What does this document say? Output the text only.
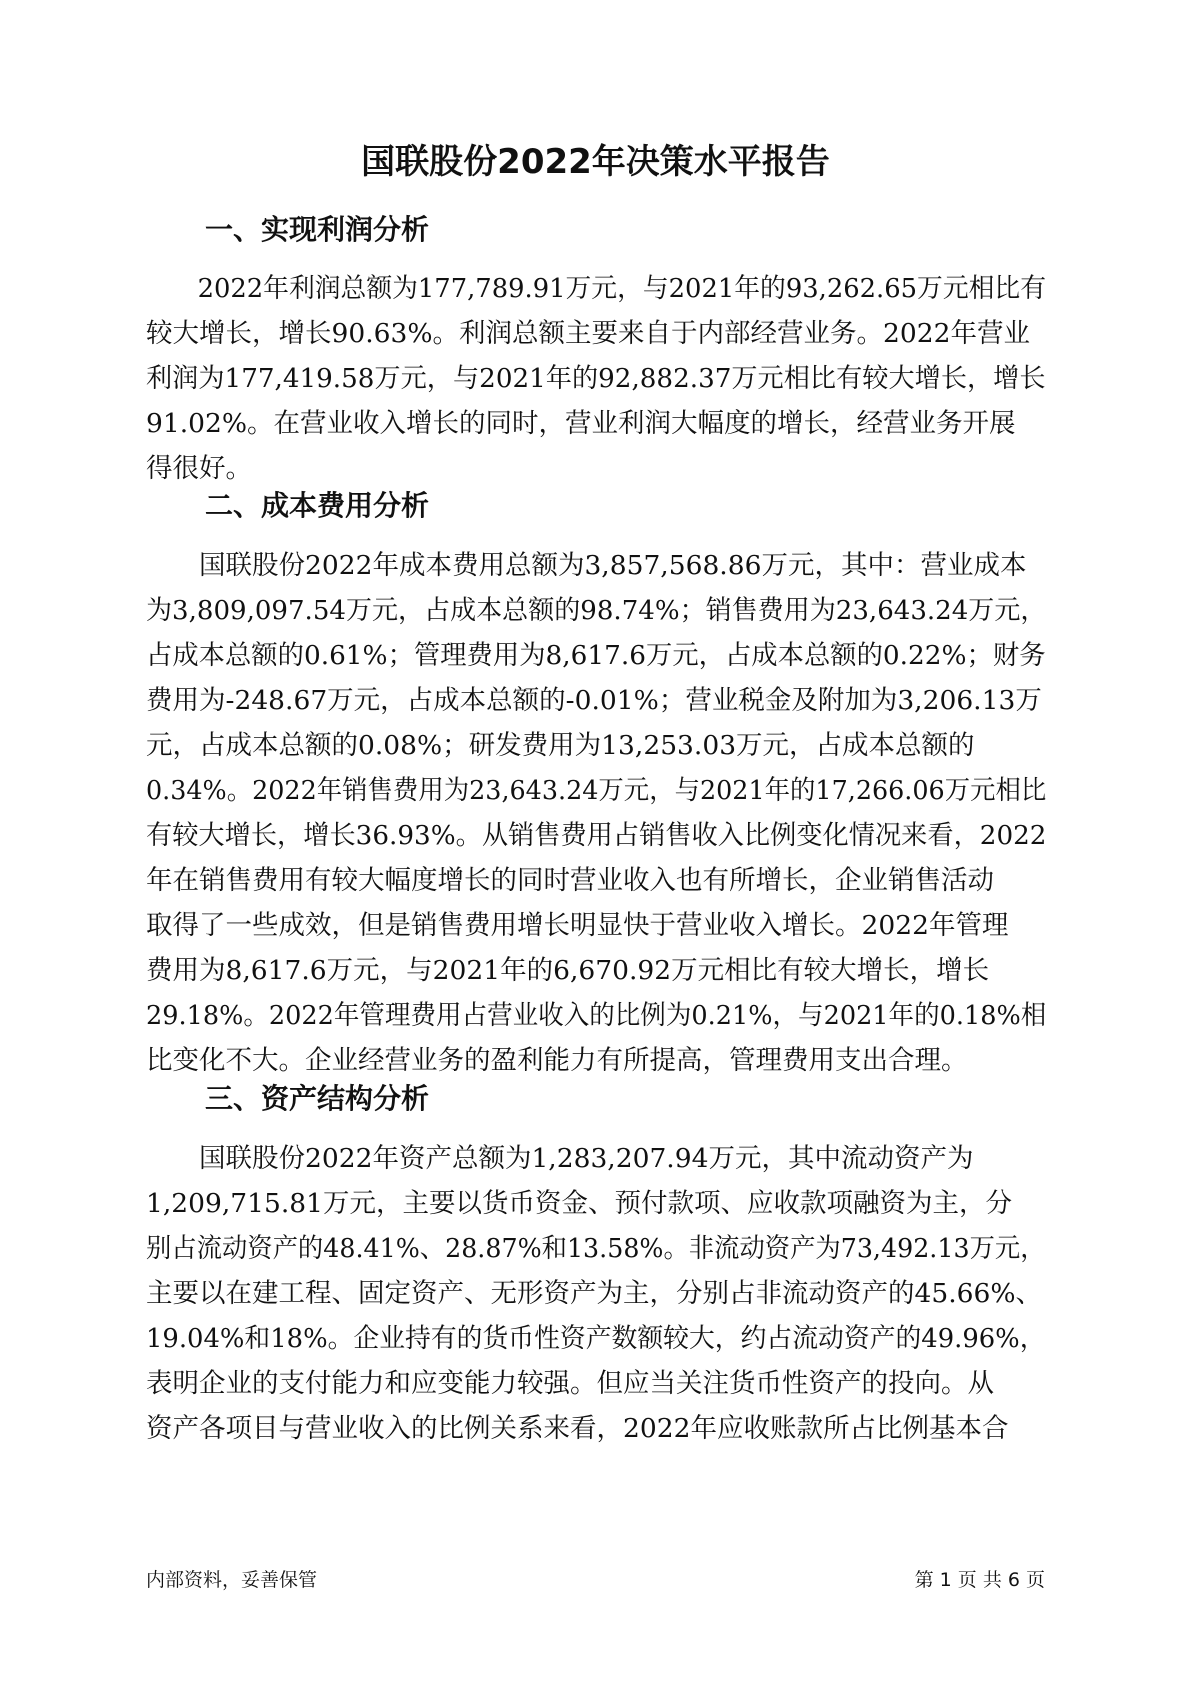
国联股份2022年决策水平报告
一、实现利润分析
2022年利润总额为177,789.91万元，与2021年的93,262.65万元相比有
较大增长，增长90.63%。利润总额主要来自于内部经营业务。2022年营业
利润为177,419.58万元，与2021年的92,882.37万元相比有较大增长，增长
91.02%。在营业收入增长的同时，营业利润大幅度的增长，经营业务开展
得很好。
二、成本费用分析
国联股份2022年成本费用总额为3,857,568.86万元，其中：营业成本
为3,809,097.54万元，占成本总额的98.74%；销售费用为23,643.24万元，
占成本总额的0.61%；管理费用为8,617.6万元，占成本总额的0.22%；财务
费用为-248.67万元，占成本总额的-0.01%；营业税金及附加为3,206.13万
元，占成本总额的0.08%；研发费用为13,253.03万元，占成本总额的
0.34%。2022年销售费用为23,643.24万元，与2021年的17,266.06万元相比
有较大增长，增长36.93%。从销售费用占销售收入比例变化情况来看，2022
年在销售费用有较大幅度增长的同时营业收入也有所增长，企业销售活动
取得了一些成效，但是销售费用增长明显快于营业收入增长。2022年管理
费用为8,617.6万元，与2021年的6,670.92万元相比有较大增长，增长
29.18%。2022年管理费用占营业收入的比例为0.21%，与2021年的0.18%相
比变化不大。企业经营业务的盈利能力有所提高，管理费用支出合理。
三、资产结构分析
国联股份2022年资产总额为1,283,207.94万元，其中流动资产为
1,209,715.81万元，主要以货币资金、预付款项、应收款项融资为主，分
别占流动资产的48.41%、28.87%和13.58%。非流动资产为73,492.13万元，
主要以在建工程、固定资产、无形资产为主，分别占非流动资产的45.66%、
19.04%和18%。企业持有的货币性资产数额较大，约占流动资产的49.96%，
表明企业的支付能力和应变能力较强。但应当关注货币性资产的投向。从
资产各项目与营业收入的比例关系来看，2022年应收账款所占比例基本合
内部资料，妥善保管	第 1 页 共 6 页
